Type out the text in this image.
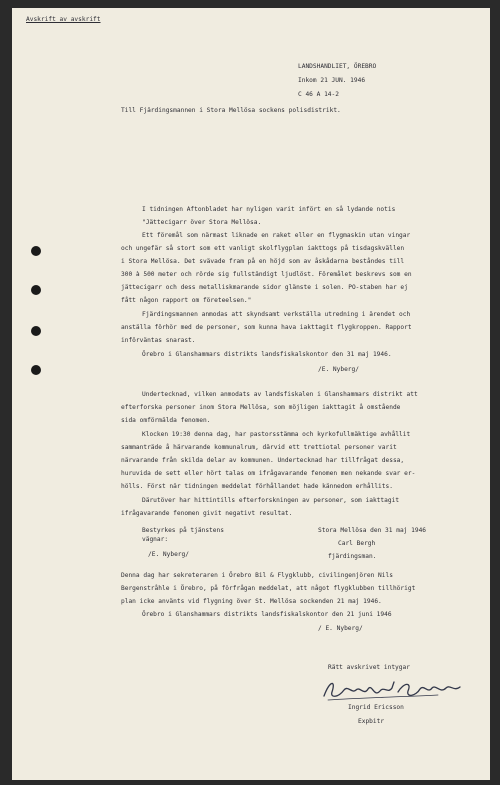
Avskrift av avskrift
LANDSHANDLIET, ÖREBRO
Inkom 21 JUN. 1946
C 46 A 14-2
Till Fjärdingsmannen i Stora Mellösa sockens polisdistrikt.
I tidningen Aftonbladet har nyligen varit infört en så lydande notis
"Jättecigarr över Stora Mellösa.
Ett föremål som närmast liknade en raket eller en flygmaskin utan vingar
och ungefär så stort som ett vanligt skolflygplan iakttogs på tisdagskvällen
i Stora Mellösa. Det svävade fram på en höjd som av åskådarna beståndes till
300 à 500 meter och rörde sig fullständigt ljudlöst. Föremålet beskrevs som en
jättecigarr och dess metalliskmarande sidor glänste i solen. PO-staben har ej
fått någon rapport om företeelsen."
Fjärdingsmannen anmodas att skyndsamt verkställa utredning i ärendet och
anställa förhör med de personer, som kunna hava iakttagit flygkroppen. Rapport
införväntas snarast.
Örebro i Glanshammars distrikts landsfiskalskontor den 31 maj 1946.
/E. Nyberg/
Undertecknad, vilken anmodats av landsfiskalen i Glanshammars distrikt att
efterforska personer inom Stora Mellösa, som möjligen iakttagit å omstående
sida omförmälda fenomen.
Klocken 19:30 denna dag, har pastorsstämma och kyrkofullmäktige avhållit
sammanträde å härvarande kommunalrum, därvid ett trettiotal personer varit
närvarande från skilda delar av kommunen. Undertecknad har tillfrågat dessa,
huruvida de sett eller hört talas om ifrågavarande fenomen men nekande svar er-
hölls. Först när tidningen meddelat förhållandet hade kännedom erhållits.
Därutöver har hittintills efterforskningen av personer, som iakttagit
ifrågavarande fenomen givit negativt resultat.
Bestyrkes på tjänstens
vägnar:
/E. Nyberg/
Stora Mellösa den 31 maj 1946
Carl Bergh
fjärdingsman.
Denna dag har sekreteraren i Örebro Bil & Flygklubb, civilingenjören Nils
Bergenstråhle i Örebro, på förfrågan meddelat, att något flygklubben tillhörigt
plan icke använts vid flygning över St. Mellösa sockenden 21 maj 1946.
Örebro i Glanshammars distrikts landsfiskalskontor den 21 juni 1946
/ E. Nyberg/
Rätt avskrivet intygar
Ingrid Ericsson
Expbitr
